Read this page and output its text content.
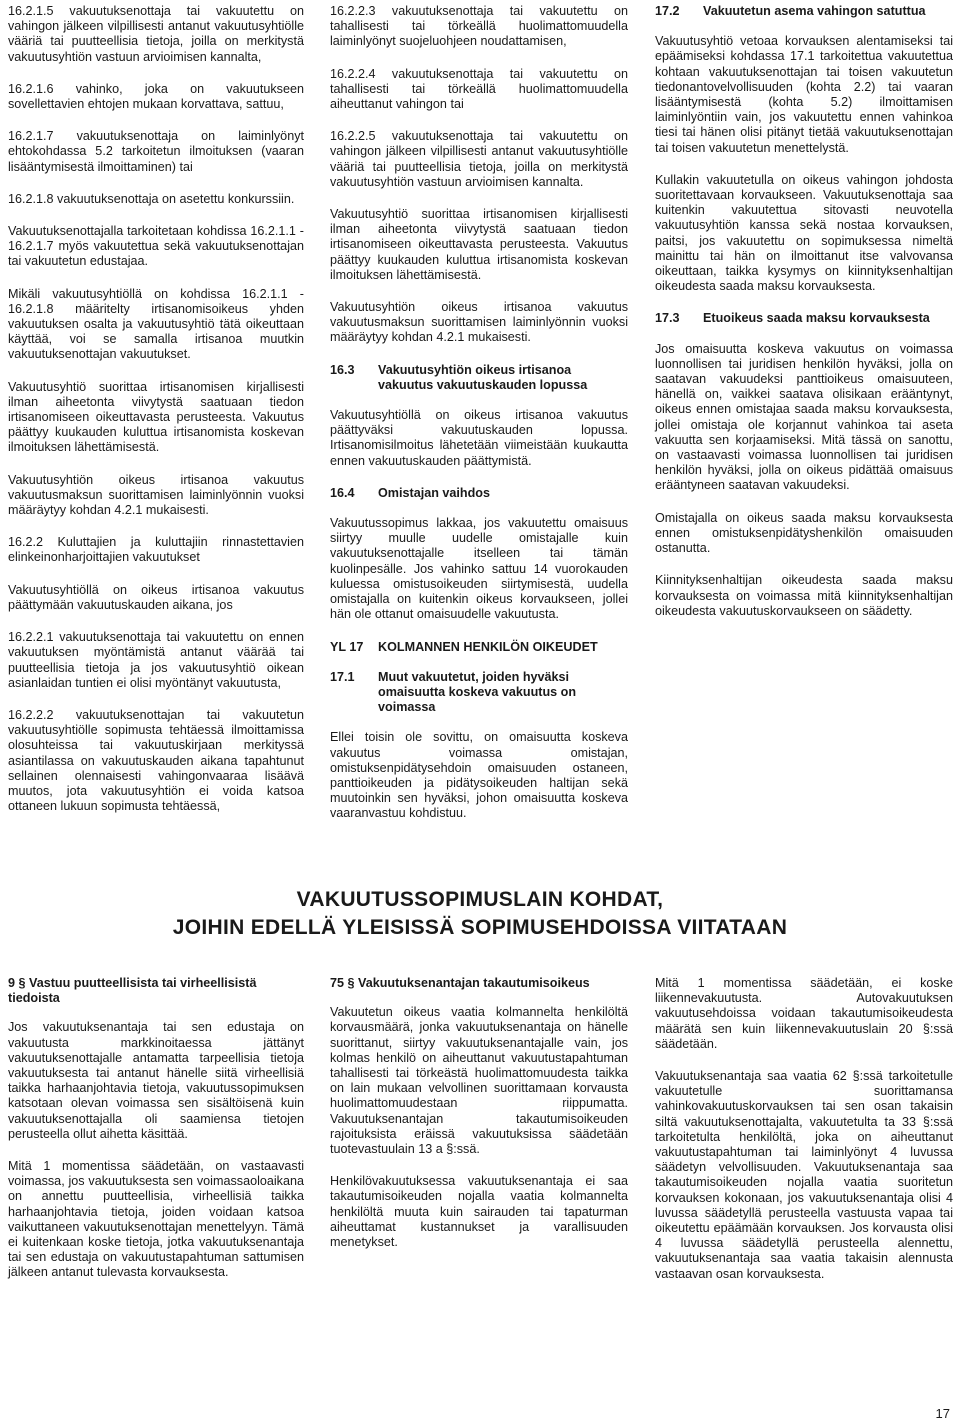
16.2.1.5 vakuutuksenottaja tai vakuutettu on vahingon jälkeen vilpillisesti antanut vakuutusyhtiölle vääriä tai puutteellisia tietoja, joilla on merkitystä vakuutusyhtiön vastuun arvioimisen kannalta,

16.2.1.6 vahinko, joka on vakuutukseen sovellettavien ehtojen mukaan korvattava, sattuu,

16.2.1.7 vakuutuksenottaja on laiminlyönyt ehtokohdassa 5.2 tarkoitetun ilmoituksen (vaaran lisääntymisestä ilmoittaminen) tai

16.2.1.8 vakuutuksenottaja on asetettu konkurssiin.

Vakuutuksenottajalla tarkoitetaan kohdissa 16.2.1.1 - 16.2.1.7 myös vakuutettua sekä vakuutuksenottajan tai vakuutetun edustajaa.

Mikäli vakuutusyhtiöllä on kohdissa 16.2.1.1 - 16.2.1.8 määritelty irtisanomisoikeus yhden vakuutuksen osalta ja vakuutusyhtiö tätä oikeuttaan käyttää, voi se samalla irtisanoa muutkin vakuutuksenottajan vakuutukset.

Vakuutusyhtiö suorittaa irtisanomisen kirjallisesti ilman aiheetonta viivytystä saatuaan tiedon irtisanomiseen oikeuttavasta perusteesta. Vakuutus päättyy kuukauden kuluttua irtisanomista koskevan ilmoituksen lähettämisestä.

Vakuutusyhtiön oikeus irtisanoa vakuutus vakuutusmaksun suorittamisen laiminlyönnin vuoksi määräytyy kohdan 4.2.1 mukaisesti.

16.2.2 Kuluttajien ja kuluttajiin rinnastettavien elinkeinonharjoittajien vakuutukset

Vakuutusyhtiöllä on oikeus irtisanoa vakuutus päättymään vakuutuskauden aikana, jos

16.2.2.1 vakuutuksenottaja tai vakuutettu on ennen vakuutuksen myöntämistä antanut väärää tai puutteellisia tietoja ja jos vakuutusyhtiö oikean asianlaidan tuntien ei olisi myöntänyt vakuutusta,

16.2.2.2 vakuutuksenottajan tai vakuutetun vakuutusyhtiölle sopimusta tehtäessä ilmoittamissa olosuhteissa tai vakuutuskirjaan merkityssä asiantilassa on vakuutuskauden aikana tapahtunut sellainen olennaisesti vahingonvaaraa lisäävä muutos, jota vakuutusyhtiön ei voida katsoa ottaneen lukuun sopimusta tehtäessä,

16.2.2.3 vakuutuksenottaja tai vakuutettu on tahallisesti tai törkeällä huolimattomuudella laiminlyönyt suojeluohjeen noudattamisen,

16.2.2.4 vakuutuksenottaja tai vakuutettu on tahallisesti tai törkeällä huolimattomuudella aiheuttanut vahingon tai

16.2.2.5 vakuutuksenottaja tai vakuutettu on vahingon jälkeen vilpillisesti antanut vakuutusyhtiölle vääriä tai puutteellisia tietoja, joilla on merkitystä vakuutusyhtiön vastuun arvioimisen kannalta.

Vakuutusyhtiö suorittaa irtisanomisen kirjallisesti ilman aiheetonta viivytystä saatuaan tiedon irtisanomiseen oikeuttavasta perusteesta. Vakuutus päättyy kuukauden kuluttua irtisanomista koskevan ilmoituksen lähettämisestä.

Vakuutusyhtiön oikeus irtisanoa vakuutus vakuutusmaksun suorittamisen laiminlyönnin vuoksi määräytyy kohdan 4.2.1 mukaisesti.

16.3	Vakuutusyhtiön oikeus irtisanoa vakuutus vakuutuskauden lopussa

Vakuutusyhtiöllä on oikeus irtisanoa vakuutus päättyväksi vakuutuskauden lopussa. Irtisanomisilmoitus lähetetään viimeistään kuukautta ennen vakuutuskauden päättymistä.

16.4	Omistajan vaihdos

Vakuutussopimus lakkaa, jos vakuutettu omaisuus siirtyy muulle uudelle omistajalle kuin vakuutuksenottajalle itselleen tai tämän kuolinpesälle. Jos vahinko sattuu 14 vuorokauden kuluessa omistusoikeuden siirtymisestä, uudella omistajalla on kuitenkin oikeus korvaukseen, jollei hän ole ottanut omaisuudelle vakuutusta.

YL 17	KOLMANNEN HENKILÖN OIKEUDET
17.1	Muut vakuutetut, joiden hyväksi omaisuutta koskeva vakuutus on voimassa

Ellei toisin ole sovittu, on omaisuutta koskeva vakuutus voimassa omistajan, omistuksenpidätysehdoin omaisuuden ostaneen, panttioikeuden ja pidätysoikeuden haltijan sekä muutoinkin sen hyväksi, johon omaisuutta koskeva vaaranvastuu kohdistuu.

17.2	Vakuutetun asema vahingon satuttua

Vakuutusyhtiö vetoaa korvauksen alentamiseksi tai epäämiseksi kohdassa 17.1 tarkoitettua vakuutettua kohtaan vakuutuksenottajan tai toisen vakuutetun tiedonantovelvollisuuden (kohta 2.2) tai vaaran lisääntymisestä (kohta 5.2) ilmoittamisen laiminlyöntiin vain, jos vakuutettu ennen vahinkoa tiesi tai hänen olisi pitänyt tietää vakuutuksenottajan tai toisen vakuutetun menettelystä.

Kullakin vakuutetulla on oikeus vahingon johdosta suoritettavaan korvaukseen. Vakuutuksenottaja saa kuitenkin vakuutettua sitovasti neuvotella vakuutusyhtiön kanssa sekä nostaa korvauksen, paitsi, jos vakuutettu on sopimuksessa nimeltä mainittu tai hän on ilmoittanut itse valvovansa oikeuttaan, taikka kysymys on kiinnityksenhaltijan oikeudesta saada maksu korvauksesta.

17.3	Etuoikeus saada maksu korvauksesta

Jos omaisuutta koskeva vakuutus on voimassa luonnollisen tai juridisen henkilön hyväksi, jolla on saatavan vakuudeksi panttioikeus omaisuuteen, hänellä on, vaikkei saatava olisikaan erääntynyt, oikeus ennen omistajaa saada maksu korvauksesta, jollei omistaja ole korjannut vahinkoa tai aseta vakuutta sen korjaamiseksi. Mitä tässä on sanottu, on vastaavasti voimassa luonnollisen tai juridisen henkilön hyväksi, jolla on oikeus pidättää omaisuus erääntyneen saatavan vakuudeksi.

Omistajalla on oikeus saada maksu korvauksesta ennen omistuksenpidätyshenkilön omaisuuden ostanutta.

Kiinnityksenhaltijan oikeudesta saada maksu korvauksesta on voimassa mitä kiinnityksenhaltijan oikeudesta vakuutuskorvaukseen on säädetty.

VAKUUTUSSOPIMUSLAIN KOHDAT,
JOIHIN EDELLÄ YLEISISSÄ SOPIMUSEHDOISSA VIITATAAN
9 § Vastuu puutteellisista tai virheellisistä tiedoista

Jos vakuutuksenantaja tai sen edustaja on vakuutusta markkinoitaessa jättänyt vakuutuksenottajalle antamatta tarpeellisia tietoja vakuutuksesta tai antanut hänelle siitä virheellisiä taikka harhaanjohtavia tietoja, vakuutussopimuksen katsotaan olevan voimassa sen sisältöisenä kuin vakuutuksenottajalla oli saamiensa tietojen perusteella ollut aihetta käsittää.

Mitä 1 momentissa säädetään, on vastaavasti voimassa, jos vakuutuksesta sen voimassaoloaikana on annettu puutteellisia, virheellisiä taikka harhaanjohtavia tietoja, joiden voidaan katsoa vaikuttaneen vakuutuksenottajan menettelyyn. Tämä ei kuitenkaan koske tietoja, jotka vakuutuksenantaja tai sen edustaja on vakuutustapahtuman sattumisen jälkeen antanut tulevasta korvauksesta.

75 § Vakuutuksenantajan takautumisoikeus

Vakuutetun oikeus vaatia kolmannelta henkilöltä korvausmäärä, jonka vakuutuksenantaja on hänelle suorittanut, siirtyy vakuutuksenantajalle vain, jos kolmas henkilö on aiheuttanut vakuutustapahtuman tahallisesti tai törkeästä huolimattomuudesta taikka on lain mukaan velvollinen suorittamaan korvausta huolimattomuudestaan riippumatta. Vakuutuksenantajan takautumisoikeuden rajoituksista eräissä vakuutuksissa säädetään tuotevastuulain 13 a §:ssä.

Henkilövakuutuksessa vakuutuksenantaja ei saa takautumisoikeuden nojalla vaatia kolmannelta henkilöltä muuta kuin sairauden tai tapaturman aiheuttamat kustannukset ja varallisuuden menetykset.

Mitä 1 momentissa säädetään, ei koske liikennevakuutusta. Autovakuutuksen vakuutusehdoissa voidaan takautumisoikeudesta määrätä sen kuin liikennevakuutuslain 20 §:ssä säädetään.

Vakuutuksenantaja saa vaatia 62 §:ssä tarkoitetulle vakuutetulle suorittamansa vahinkovakuutuskorvauksen tai sen osan takaisin siltä vakuutuksenottajalta, vakuutetulta ta 33 §:ssä tarkoitetulta henkilöltä, joka on aiheuttanut vakuutustapahtuman tai laiminlyönyt 4 luvussa säädetyn velvollisuuden. Vakuutuksenantaja saa takautumisoikeuden nojalla vaatia suoritetun korvauksen kokonaan, jos vakuutuksenantaja olisi 4 luvussa säädetyllä perusteella vastuusta vapaa tai oikeutettu epäämään korvauksen. Jos korvausta olisi 4 luvussa säädetyllä perusteella alennettu, vakuutuksenantaja saa vaatia takaisin alennusta vastaavan osan korvauksesta.

17
